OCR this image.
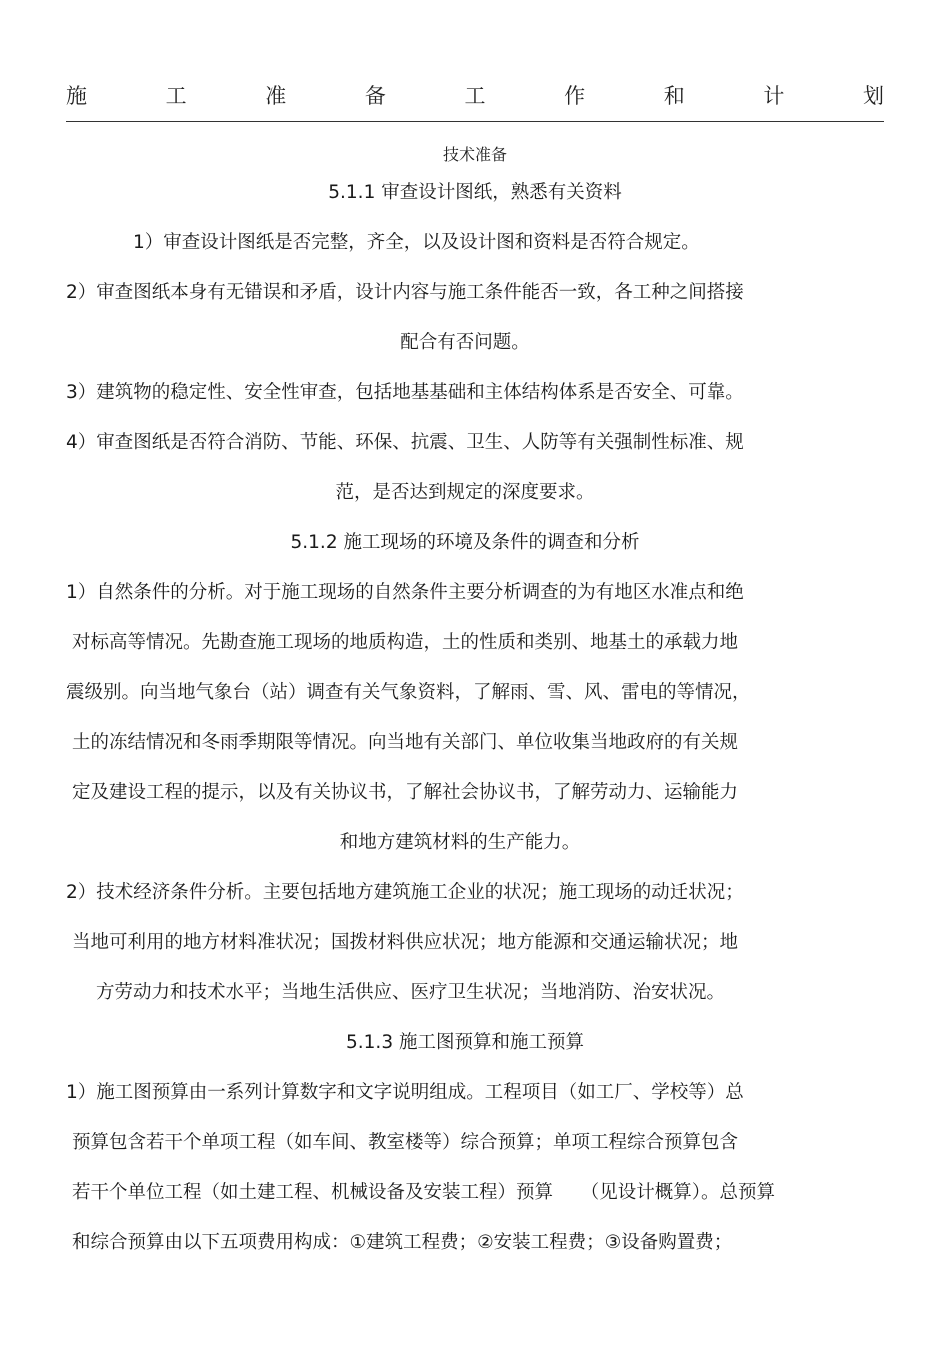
施	工	准	备	工	作	和	计	划
技术准备
5.1.1 审查设计图纸，熟悉有关资料
1）审查设计图纸是否完整，齐全，以及设计图和资料是否符合规定。
2）审查图纸本身有无错误和矛盾，设计内容与施工条件能否一致，各工种之间搭接
配合有否问题。
3）建筑物的稳定性、安全性审查，包括地基基础和主体结构体系是否安全、可靠。
4）审查图纸是否符合消防、节能、环保、抗震、卫生、人防等有关强制性标准、规
范，是否达到规定的深度要求。
5.1.2 施工现场的环境及条件的调查和分析
1）自然条件的分析。对于施工现场的自然条件主要分析调查的为有地区水准点和绝
对标高等情况。先勘查施工现场的地质构造，土的性质和类别、地基土的承载力地
震级别。向当地气象台（站）调查有关气象资料，了解雨、雪、风、雷电的等情况，
土的冻结情况和冬雨季期限等情况。向当地有关部门、单位收集当地政府的有关规
定及建设工程的提示，以及有关协议书，了解社会协议书，了解劳动力、运输能力
和地方建筑材料的生产能力。
2）技术经济条件分析。主要包括地方建筑施工企业的状况；施工现场的动迁状况；
当地可利用的地方材料准状况；国拨材料供应状况；地方能源和交通运输状况；地
方劳动力和技术水平；当地生活供应、医疗卫生状况；当地消防、治安状况。
5.1.3 施工图预算和施工预算
1）施工图预算由一系列计算数字和文字说明组成。工程项目（如工厂、学校等）总
预算包含若干个单项工程（如车间、教室楼等）综合预算；单项工程综合预算包含
若干个单位工程（如土建工程、机械设备及安装工程）预算　　（见设计概算）。总预算
和综合预算由以下五项费用构成：①建筑工程费；②安装工程费；③设备购置费；
